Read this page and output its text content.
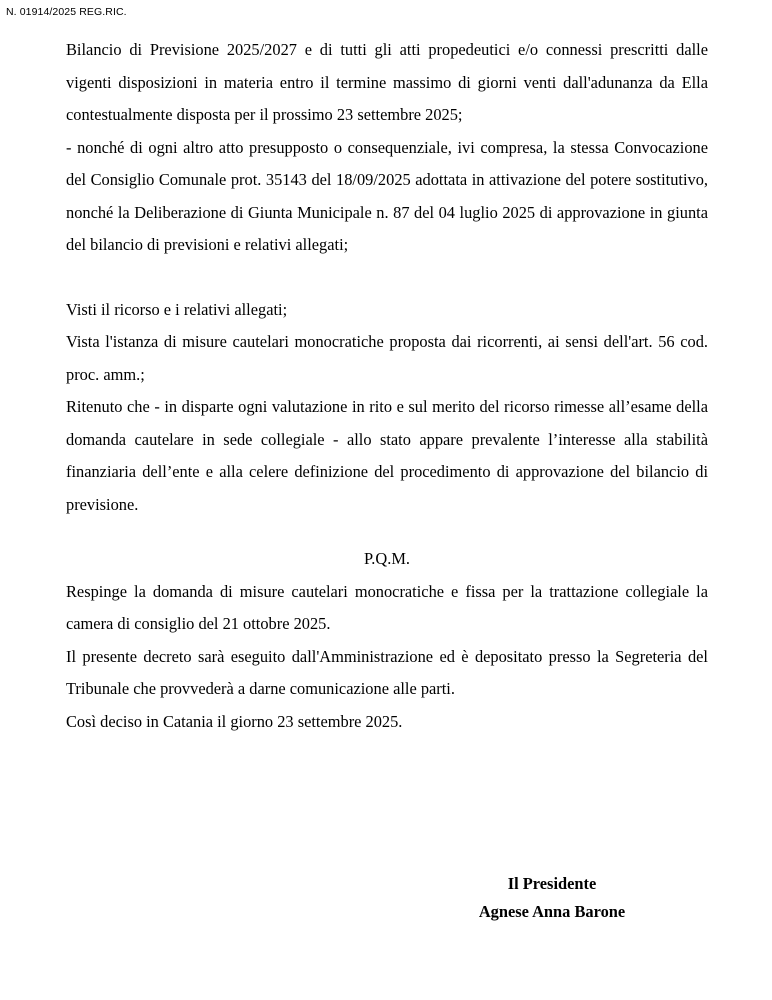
N. 01914/2025 REG.RIC.

Bilancio di Previsione 2025/2027 e di tutti gli atti propedeutici e/o connessi prescritti dalle vigenti disposizioni in materia entro il termine massimo di giorni venti dall'adunanza da Ella contestualmente disposta per il prossimo 23 settembre 2025;

- nonché di ogni altro atto presupposto o consequenziale, ivi compresa, la stessa Convocazione del Consiglio Comunale prot. 35143 del 18/09/2025 adottata in attivazione del potere sostitutivo, nonché la Deliberazione di Giunta Municipale n. 87 del 04 luglio 2025 di approvazione in giunta del bilancio di previsioni e relativi allegati;

Visti il ricorso e i relativi allegati;

Vista l'istanza di misure cautelari monocratiche proposta dai ricorrenti, ai sensi dell'art. 56 cod. proc. amm.;

Ritenuto che - in disparte ogni valutazione in rito e sul merito del ricorso rimesse all’esame della domanda cautelare in sede collegiale - allo stato appare prevalente l’interesse alla stabilità finanziaria dell’ente e alla celere definizione del procedimento di approvazione del bilancio di previsione.

P.Q.M.

Respinge la domanda di misure cautelari monocratiche e fissa per la trattazione collegiale la camera di consiglio del 21 ottobre 2025.

Il presente decreto sarà eseguito dall'Amministrazione ed è depositato presso la Segreteria del Tribunale che provvederà a darne comunicazione alle parti.

Così deciso in Catania il giorno 23 settembre 2025.

Il Presidente
Agnese Anna Barone
